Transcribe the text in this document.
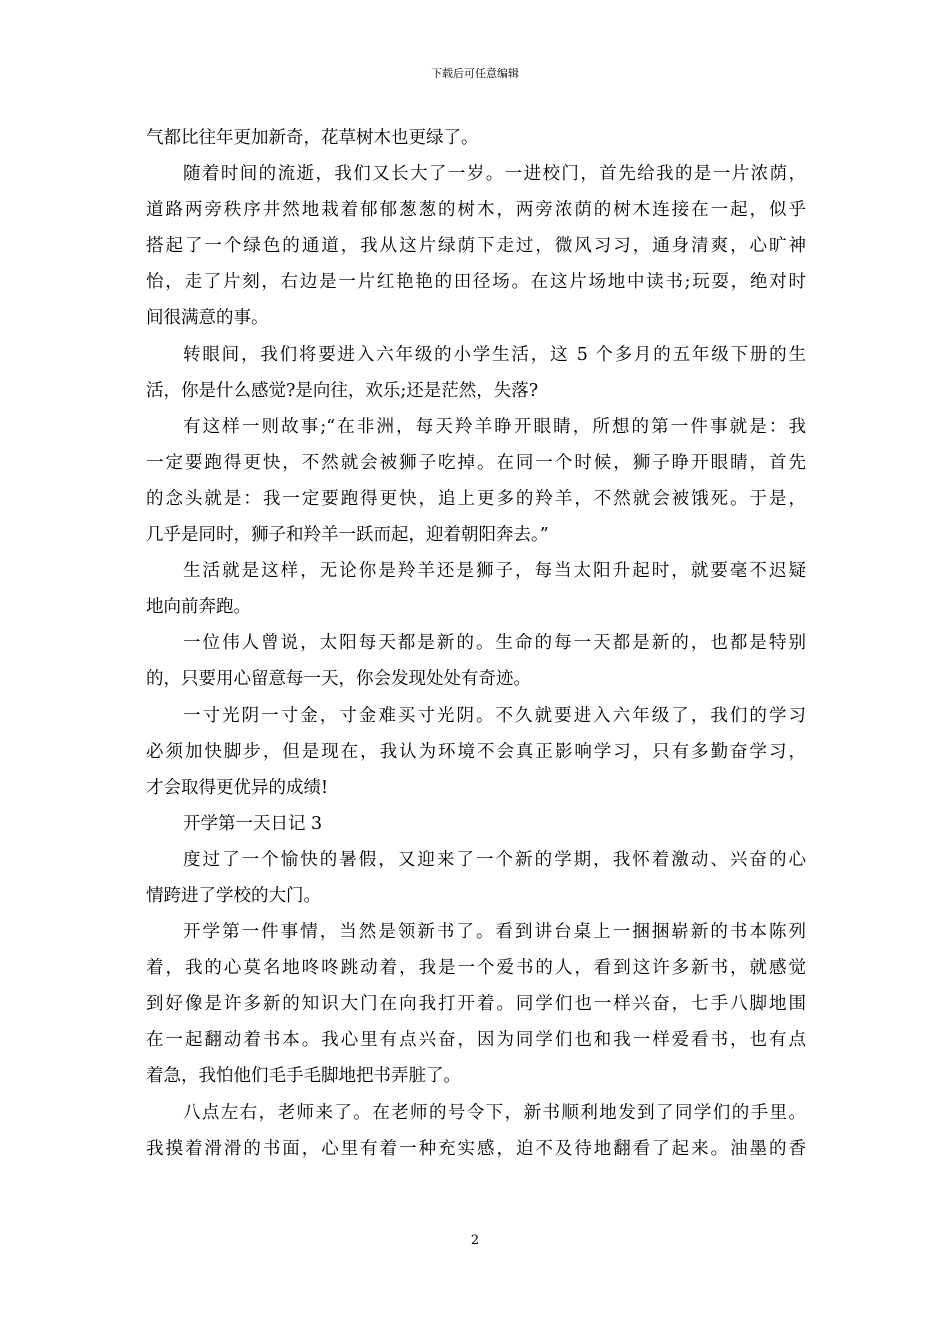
下载后可任意编辑
气都比往年更加新奇，花草树木也更绿了。
随着时间的流逝，我们又长大了一岁。一进校门，首先给我的是一片浓荫，
道路两旁秩序井然地栽着郁郁葱葱的树木，两旁浓荫的树木连接在一起，似乎
搭起了一个绿色的通道，我从这片绿荫下走过，微风习习，通身清爽，心旷神
怡，走了片刻，右边是一片红艳艳的田径场。在这片场地中读书;玩耍，绝对时
间很满意的事。
转眼间，我们将要进入六年级的小学生活，这 5 个多月的五年级下册的生
活，你是什么感觉?是向往，欢乐;还是茫然，失落?
有这样一则故事;“在非洲，每天羚羊睁开眼睛，所想的第一件事就是：我
一定要跑得更快，不然就会被狮子吃掉。在同一个时候，狮子睁开眼睛，首先
的念头就是：我一定要跑得更快，追上更多的羚羊，不然就会被饿死。于是，
几乎是同时，狮子和羚羊一跃而起，迎着朝阳奔去。”
生活就是这样，无论你是羚羊还是狮子，每当太阳升起时，就要毫不迟疑
地向前奔跑。
一位伟人曾说，太阳每天都是新的。生命的每一天都是新的，也都是特别
的，只要用心留意每一天，你会发现处处有奇迹。
一寸光阴一寸金，寸金难买寸光阴。不久就要进入六年级了，我们的学习
必须加快脚步，但是现在，我认为环境不会真正影响学习，只有多勤奋学习，
才会取得更优异的成绩!
开学第一天日记 3
度过了一个愉快的暑假，又迎来了一个新的学期，我怀着激动、兴奋的心
情跨进了学校的大门。
开学第一件事情，当然是领新书了。看到讲台桌上一捆捆崭新的书本陈列
着，我的心莫名地咚咚跳动着，我是一个爱书的人，看到这许多新书，就感觉
到好像是许多新的知识大门在向我打开着。同学们也一样兴奋，七手八脚地围
在一起翻动着书本。我心里有点兴奋，因为同学们也和我一样爱看书，也有点
着急，我怕他们毛手毛脚地把书弄脏了。
八点左右，老师来了。在老师的号令下，新书顺利地发到了同学们的手里。
我摸着滑滑的书面，心里有着一种充实感，迫不及待地翻看了起来。油墨的香
2
